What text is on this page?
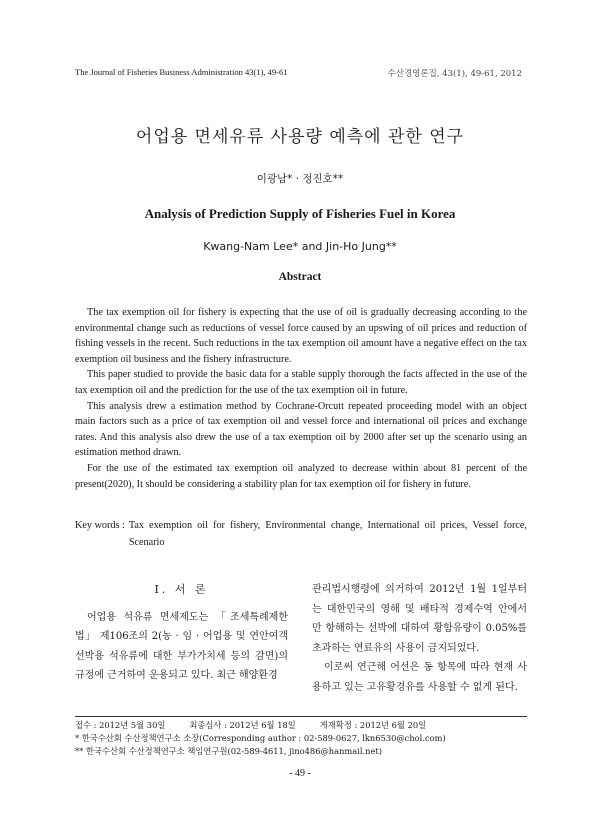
The Journal of Fisheries Business Administration 43(1), 49-61	수산경영론집, 43(1), 49-61, 2012
어업용 면세유류 사용량 예측에 관한 연구
이광남* · 정진호**
Analysis of Prediction Supply of Fisheries Fuel in Korea
Kwang-Nam Lee* and Jin-Ho Jung**
Abstract

The tax exemption oil for fishery is expecting that the use of oil is gradually decreasing according to the environmental change such as reductions of vessel force caused by an upswing of oil prices and reduction of fishing vessels in the recent. Such reductions in the tax exemption oil amount have a negative effect on the tax exemption oil business and the fishery infrastructure.

This paper studied to provide the basic data for a stable supply thorough the facts affected in the use of the tax exemption oil and the prediction for the use of the tax exemption oil in future.

This analysis drew a estimation method by Cochrane-Orcutt repeated proceeding model with an object main factors such as a price of tax exemption oil and vessel force and international oil prices and exchange rates. And this analysis also drew the use of a tax exemption oil by 2000 after set up the scenario using an estimation method drawn.

For the use of the estimated tax exemption oil analyzed to decrease within about 81 percent of the present(2020), It should be considering a stability plan for tax exemption oil for fishery in future.

Key words : Tax exemption oil for fishery, Environmental change, International oil prices, Vessel force, Scenario
Ⅰ. 서 론

어업용 석유류 면세제도는 「조세특례제한법」 제106조의 2(농 · 임 · 어업용 및 연안여객선박용 석유류에 대한 부가가치세 등의 감면)의 규정에 근거하여 운용되고 있다. 최근 해양환경

관리법시행령에 의거하여 2012년 1월 1일부터는 대한민국의 영해 및 배타적 경제수역 안에서 만 항해하는 선박에 대하여 황함유량이 0.05%를 초과하는 연료유의 사용이 금지되었다.

이로써 연근해 어선은 동 항목에 따라 현재 사용하고 있는 고유황경유를 사용할 수 없게 된다.

접수 : 2012년 5월 30일	최종심사 : 2012년 6월 18일	게재확정 : 2012년 6월 20일
* 한국수산회 수산정책연구소 소장(Corresponding author : 02-589-0627, lkn6530@chol.com)
** 한국수산회 수산정책연구소 책임연구원(02-589-4611, jino486@hanmail.net)
- 49 -
